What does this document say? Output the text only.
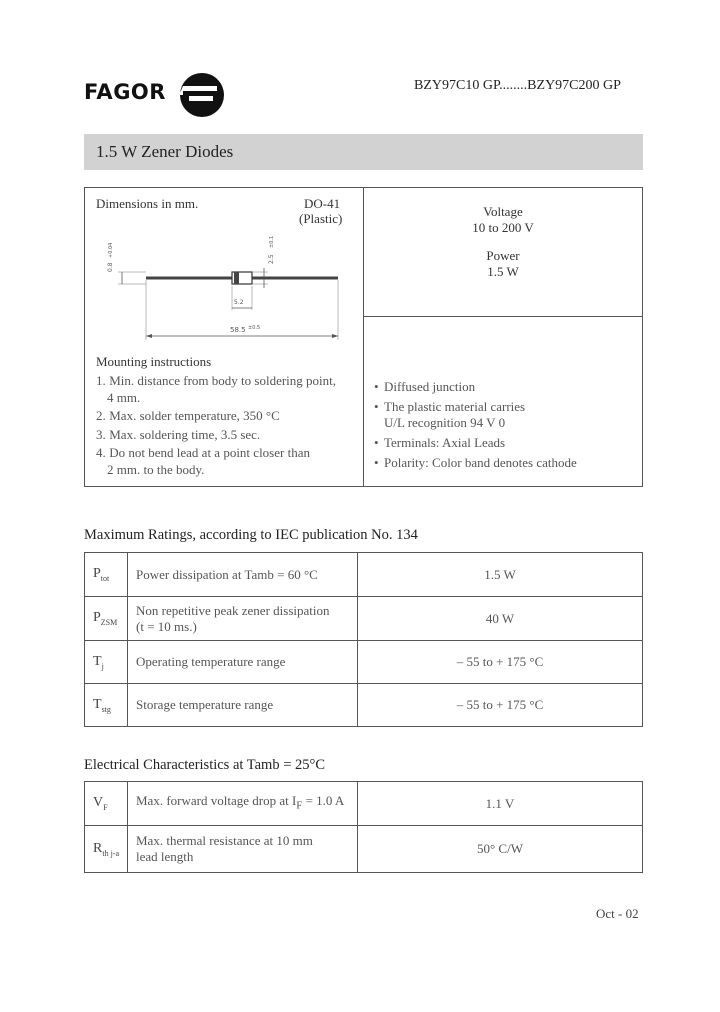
FAGOR	BZY97C10 GP........BZY97C200 GP
1.5 W Zener Diodes
Dimensions in mm.	DO-41
(Plastic)
0.8
+0.04
2.5
±0.1
5.2
58.5 ±0.5
Mounting instructions
1. Min. distance from body to soldering point,
4 mm.
2. Max. solder temperature, 350 °C
3. Max. soldering time, 3.5 sec.
4. Do not bend lead at a point closer than
2 mm. to the body.
Voltage
10 to 200 V
Power
1.5 W
• Diffused junction
• The plastic material carries
U/L recognition 94 V 0
• Terminals: Axial Leads
• Polarity: Color band denotes cathode
Maximum Ratings, according to IEC publication No. 134
$P_{tot}$	Power dissipation at Tamb = 60 °C	1.5 W
$P_{ZSM}$	Non repetitive peak zener dissipation
(t = 10 ms.)	40 W
$T_j$	Operating temperature range	– 55 to + 175 °C
$T_{stg}$	Storage temperature range	– 55 to + 175 °C
Electrical Characteristics at Tamb = 25°C
$V_F$	Max. forward voltage drop at $I_F = 1.0$ A	1.1 V
$R_{th j-a}$	Max. thermal resistance at 10 mm
lead length	50° C/W
Oct - 02
